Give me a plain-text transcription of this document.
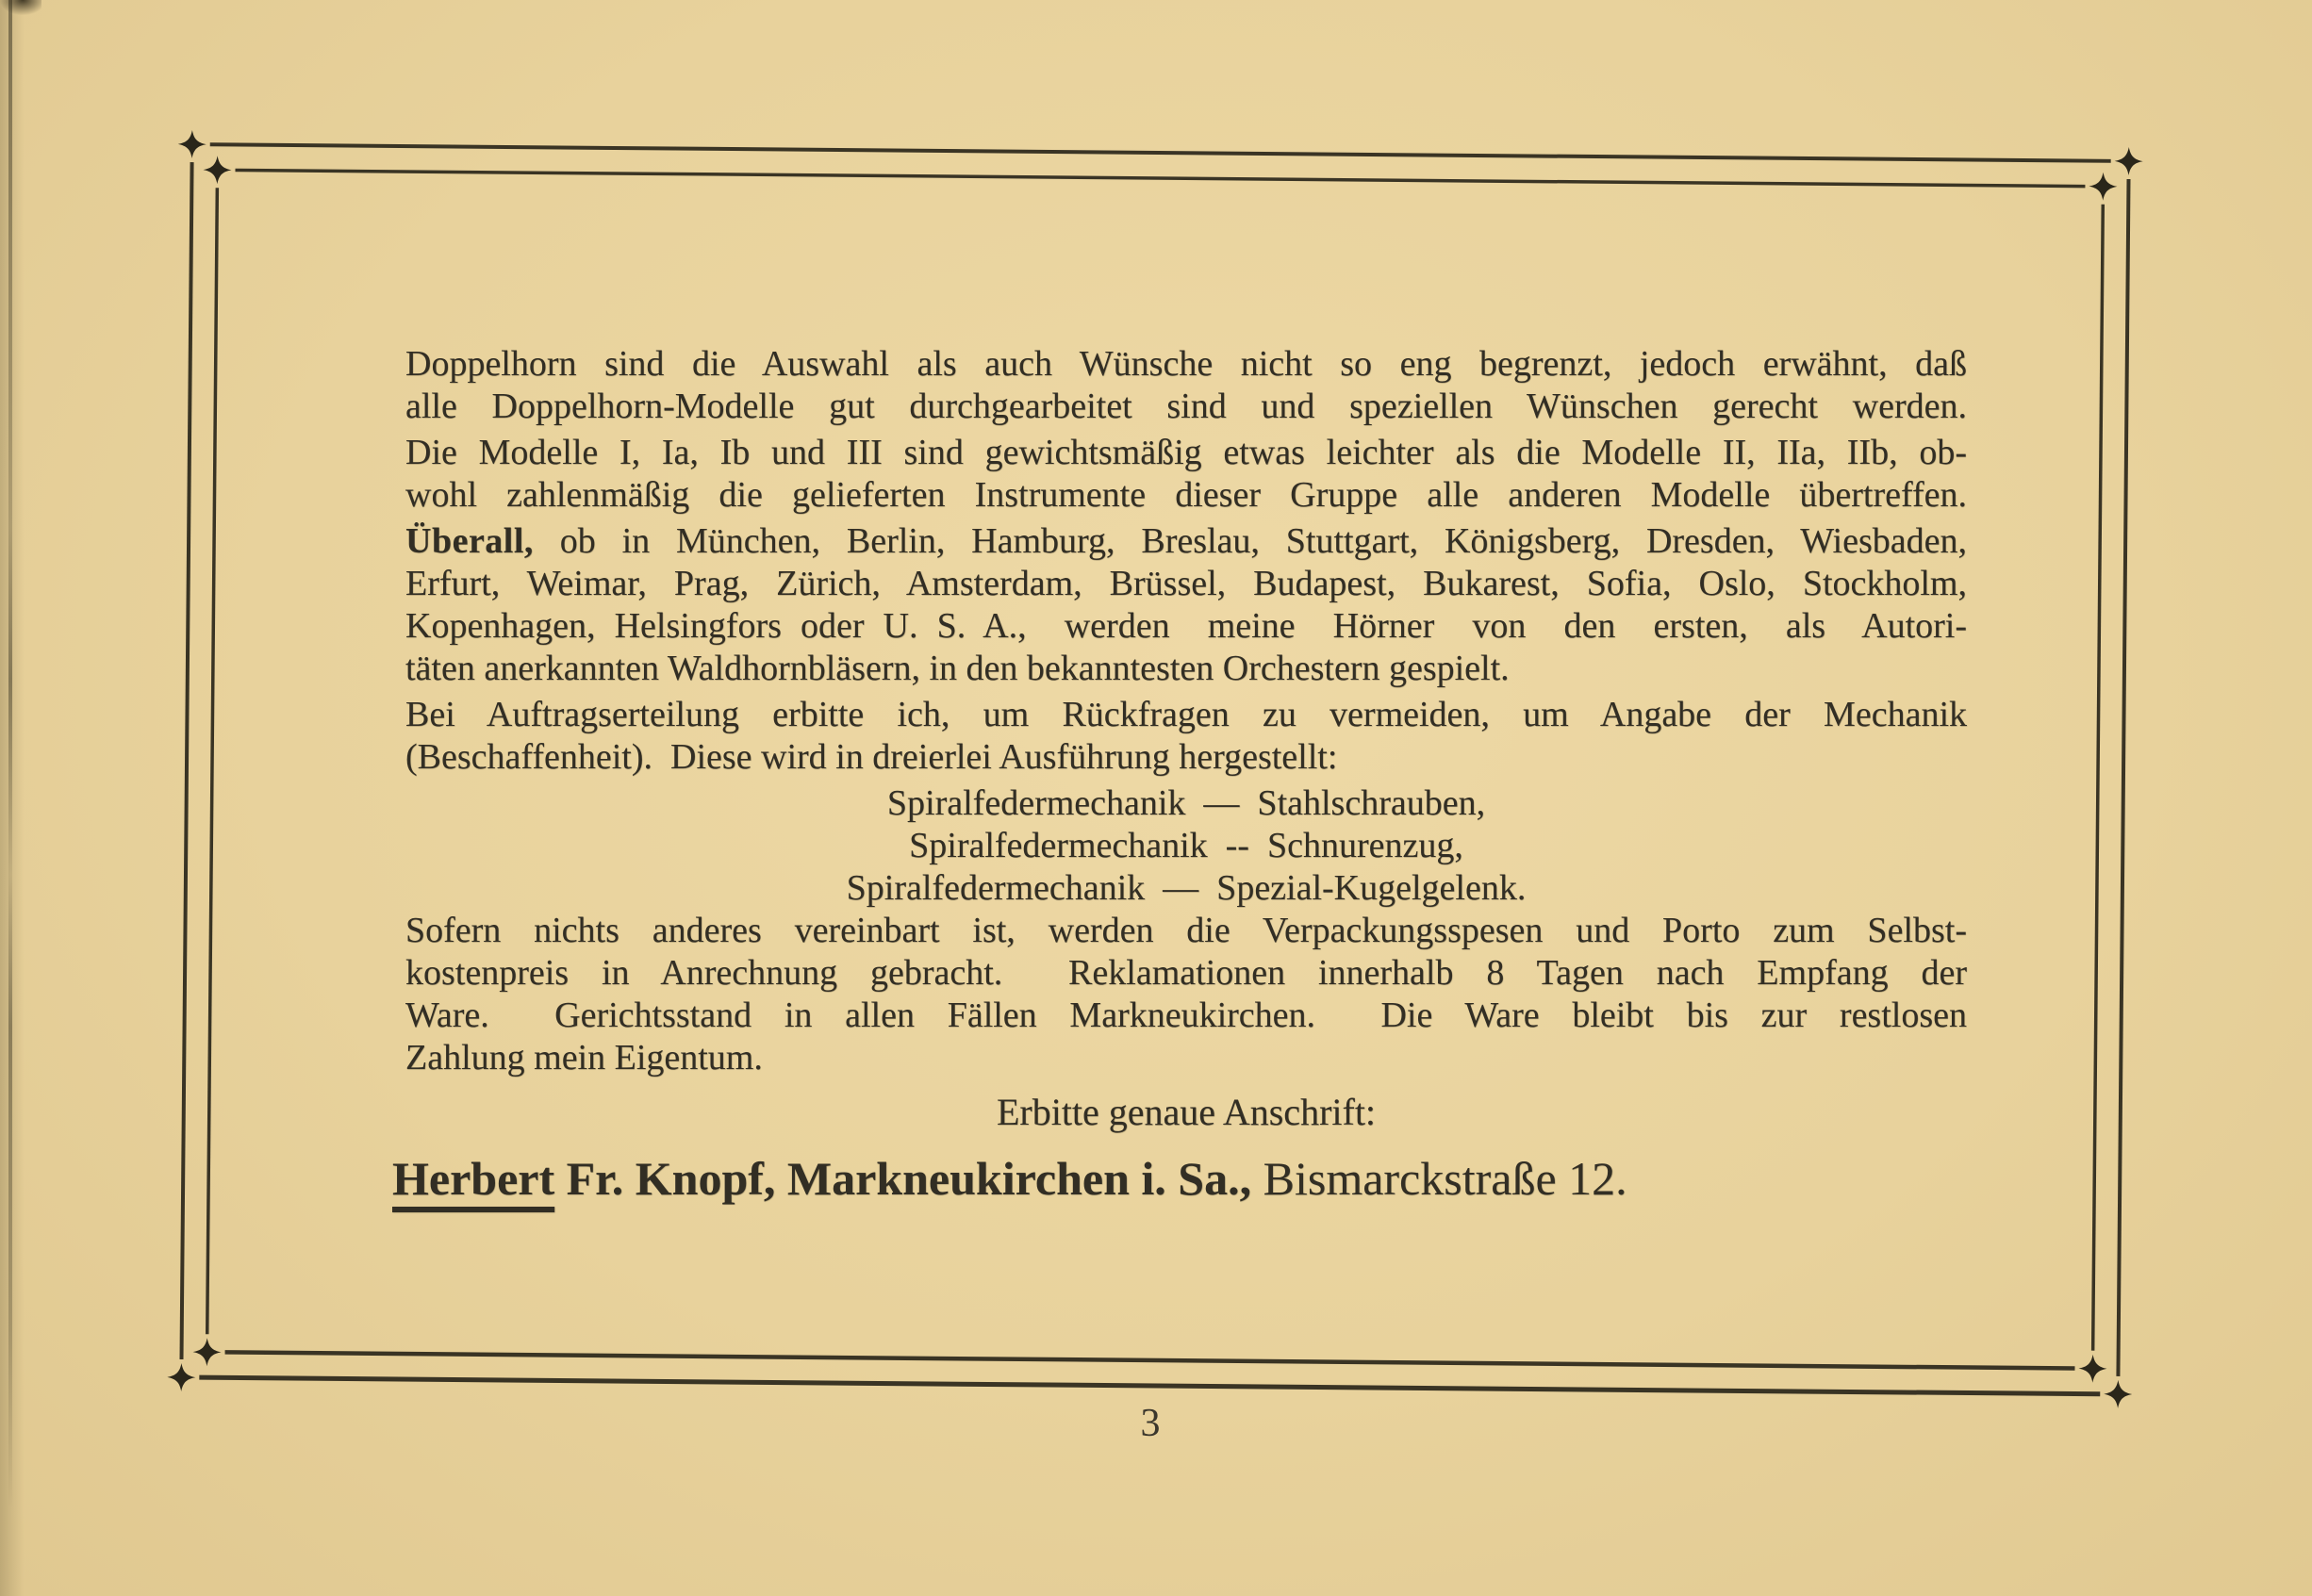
Doppelhorn sind die Auswahl als auch Wünsche nicht so eng begrenzt, jedoch erwähnt, daß
alle Doppelhorn-Modelle gut durchgearbeitet sind und speziellen Wünschen gerecht werden.
Die Modelle I, Ia, Ib und III sind gewichtsmäßig etwas leichter als die Modelle II, IIa, IIb, ob-
wohl zahlenmäßig die gelieferten Instrumente dieser Gruppe alle anderen Modelle übertreffen.
Überall, ob in München, Berlin, Hamburg, Breslau, Stuttgart, Königsberg, Dresden, Wiesbaden,
Erfurt, Weimar, Prag, Zürich, Amsterdam, Brüssel, Budapest, Bukarest, Sofia, Oslo, Stockholm,
Kopenhagen, Helsingfors oder U. S. A.,  werden  meine  Hörner  von  den  ersten,  als  Autori-
täten anerkannten Waldhornbläsern, in den bekanntesten Orchestern gespielt.
Bei Auftragserteilung erbitte ich, um Rückfragen zu vermeiden, um Angabe der Mechanik
(Beschaffenheit).  Diese wird in dreierlei Ausführung hergestellt:
Spiralfedermechanik  —  Stahlschrauben,
Spiralfedermechanik  --  Schnurenzug,
Spiralfedermechanik  —  Spezial-Kugelgelenk.
Sofern nichts anderes vereinbart ist, werden die Verpackungsspesen und Porto zum Selbst-
kostenpreis in Anrechnung gebracht.  Reklamationen innerhalb 8 Tagen nach Empfang der
Ware.  Gerichtsstand in allen Fällen Markneukirchen.  Die Ware bleibt bis zur restlosen
Zahlung mein Eigentum.
Erbitte genaue Anschrift:
Herbert Fr. Knopf, Markneukirchen i. Sa., Bismarckstraße 12.
3
